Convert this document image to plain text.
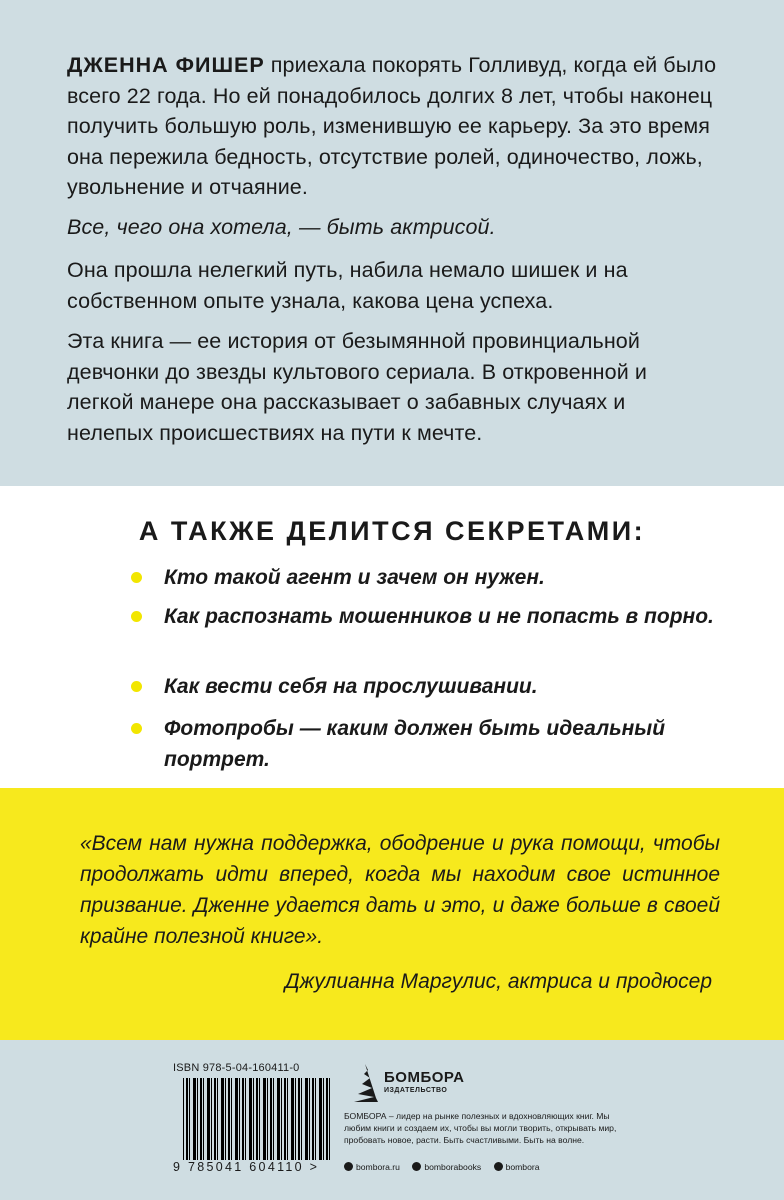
ДЖЕННА ФИШЕР приехала покорять Голливуд, когда ей было всего 22 года. Но ей понадобилось долгих 8 лет, чтобы наконец получить большую роль, изменившую ее карьеру. За это время она пережила бедность, отсутствие ролей, одиночество, ложь, увольнение и отчаяние.

Все, чего она хотела, — быть актрисой.

Она прошла нелегкий путь, набила немало шишек и на собственном опыте узнала, какова цена успеха.

Эта книга — ее история от безымянной провинциальной девчонки до звезды культового сериала. В откровенной и легкой манере она рассказывает о забавных случаях и нелепых происшествиях на пути к мечте.

А ТАКЖЕ ДЕЛИТСЯ СЕКРЕТАМИ:
Кто такой агент и зачем он нужен.
Как распознать мошенников и не попасть в порно.
Как вести себя на прослушивании.
Фотопробы — каким должен быть идеальный портрет.

«Всем нам нужна поддержка, ободрение и рука помощи, чтобы продолжать идти вперед, когда мы находим свое истинное призвание. Дженне удается дать и это, и даже больше в своей крайне полезной книге».

Джулианна Маргулис, актриса и продюсер

ISBN 978-5-04-160411-0
9 785041 604110 >
БОМБОРА
ИЗДАТЕЛЬСТВО

БОМБОРА – лидер на рынке полезных и вдохновляющих книг. Мы любим книги и создаем их, чтобы вы могли творить, открывать мир, пробовать новое, расти. Быть счастливыми. Быть на волне.

bombora.ru	bomborabooks	bombora
